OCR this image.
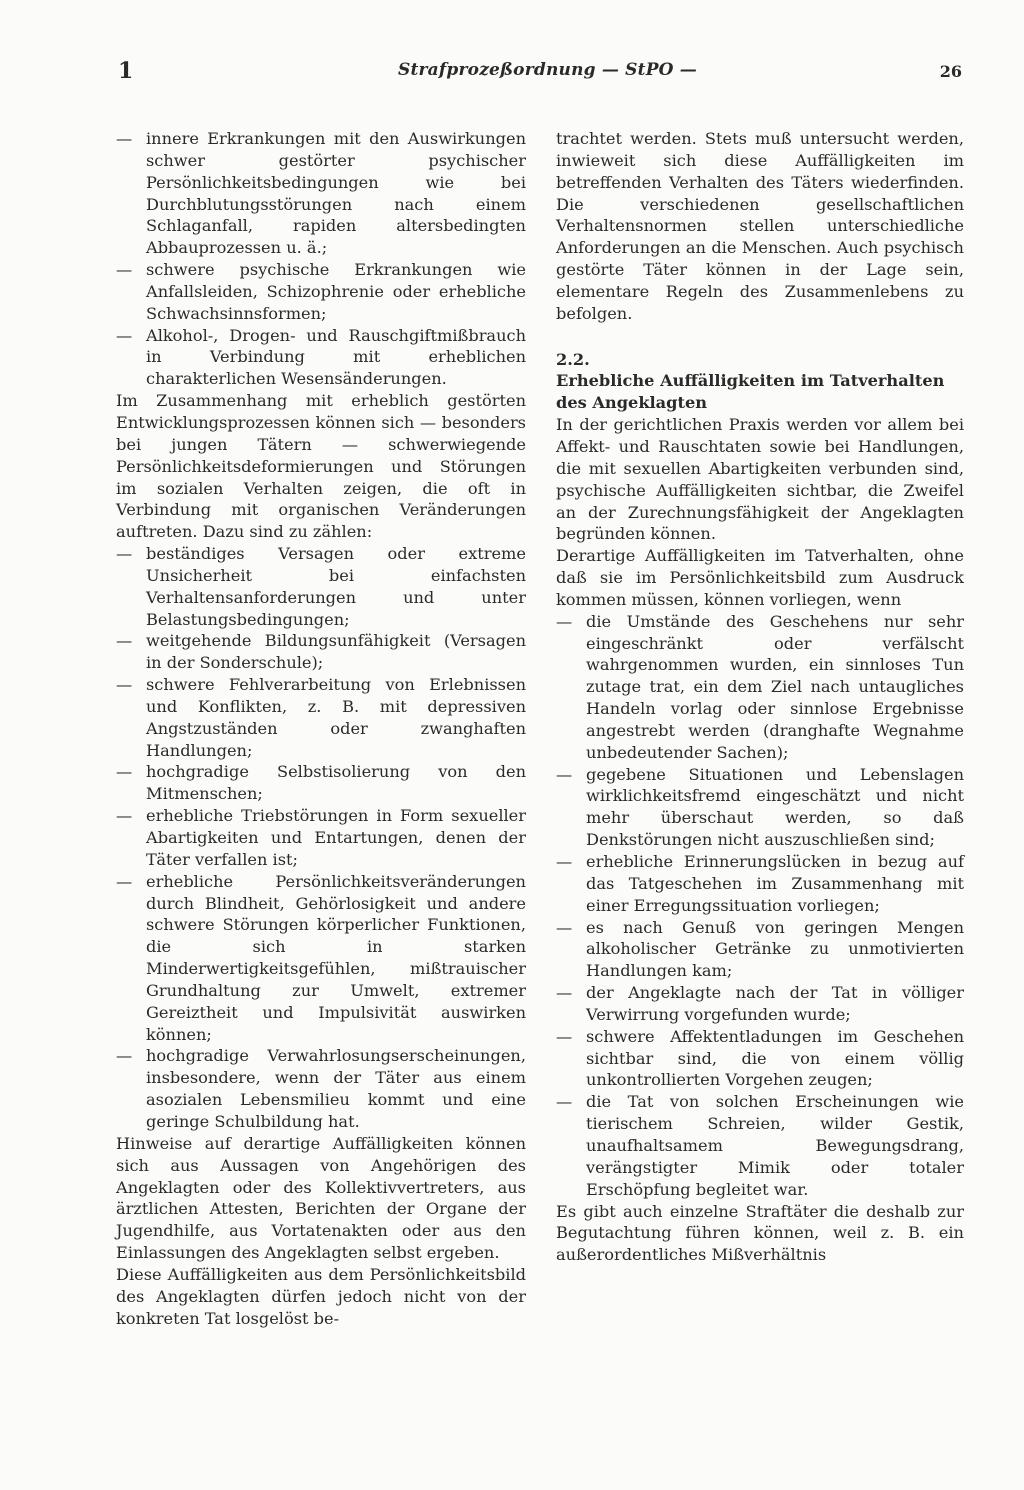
1	Strafprozeßordnung — StPO —	26
— innere Erkrankungen mit den Auswirkungen schwer gestörter psychischer Persönlichkeitsbedingungen wie bei Durchblutungsstörungen nach einem Schlaganfall, rapiden altersbedingten Abbauprozessen u. ä.;

— schwere psychische Erkrankungen wie Anfallsleiden, Schizophrenie oder erhebliche Schwachsinnsformen;

— Alkohol-, Drogen- und Rauschgiftmißbrauch in Verbindung mit erheblichen charakterlichen Wesensänderungen.

Im Zusammenhang mit erheblich gestörten Entwicklungsprozessen können sich — besonders bei jungen Tätern — schwerwiegende Persönlichkeitsdeformierungen und Störungen im sozialen Verhalten zeigen, die oft in Verbindung mit organischen Veränderungen auftreten. Dazu sind zu zählen:

— beständiges Versagen oder extreme Unsicherheit bei einfachsten Verhaltensanforderungen und unter Belastungsbedingungen;

— weitgehende Bildungsunfähigkeit (Versagen in der Sonderschule);

— schwere Fehlverarbeitung von Erlebnissen und Konflikten, z. B. mit depressiven Angstzuständen oder zwanghaften Handlungen;

— hochgradige Selbstisolierung von den Mitmenschen;

— erhebliche Triebstörungen in Form sexueller Abartigkeiten und Entartungen, denen der Täter verfallen ist;

— erhebliche Persönlichkeitsveränderungen durch Blindheit, Gehörlosigkeit und andere schwere Störungen körperlicher Funktionen, die sich in starken Minderwertigkeitsgefühlen, mißtrauischer Grundhaltung zur Umwelt, extremer Gereiztheit und Impulsivität auswirken können;

— hochgradige Verwahrlosungserscheinungen, insbesondere, wenn der Täter aus einem asozialen Lebensmilieu kommt und eine geringe Schulbildung hat.

Hinweise auf derartige Auffälligkeiten können sich aus Aussagen von Angehörigen des Angeklagten oder des Kollektivvertreters, aus ärztlichen Attesten, Berichten der Organe der Jugendhilfe, aus Vortatenakten oder aus den Einlassungen des Angeklagten selbst ergeben.

Diese Auffälligkeiten aus dem Persönlichkeitsbild des Angeklagten dürfen jedoch nicht von der konkreten Tat losgelöst be-

trachtet werden. Stets muß untersucht werden, inwieweit sich diese Auffälligkeiten im betreffenden Verhalten des Täters wiederfinden. Die verschiedenen gesellschaftlichen Verhaltensnormen stellen unterschiedliche Anforderungen an die Menschen. Auch psychisch gestörte Täter können in der Lage sein, elementare Regeln des Zusammenlebens zu befolgen.

2.2.

Erhebliche Auffälligkeiten im Tatverhalten des Angeklagten

In der gerichtlichen Praxis werden vor allem bei Affekt- und Rauschtaten sowie bei Handlungen, die mit sexuellen Abartigkeiten verbunden sind, psychische Auffälligkeiten sichtbar, die Zweifel an der Zurechnungsfähigkeit der Angeklagten begründen können.

Derartige Auffälligkeiten im Tatverhalten, ohne daß sie im Persönlichkeitsbild zum Ausdruck kommen müssen, können vorliegen, wenn

— die Umstände des Geschehens nur sehr eingeschränkt oder verfälscht wahrgenommen wurden, ein sinnloses Tun zutage trat, ein dem Ziel nach untaugliches Handeln vorlag oder sinnlose Ergebnisse angestrebt werden (dranghafte Wegnahme unbedeutender Sachen);

— gegebene Situationen und Lebenslagen wirklichkeitsfremd eingeschätzt und nicht mehr überschaut werden, so daß Denkstörungen nicht auszuschließen sind;

— erhebliche Erinnerungslücken in bezug auf das Tatgeschehen im Zusammenhang mit einer Erregungssituation vorliegen;

— es nach Genuß von geringen Mengen alkoholischer Getränke zu unmotivierten Handlungen kam;

— der Angeklagte nach der Tat in völliger Verwirrung vorgefunden wurde;

— schwere Affektentladungen im Geschehen sichtbar sind, die von einem völlig unkontrollierten Vorgehen zeugen;

— die Tat von solchen Erscheinungen wie tierischem Schreien, wilder Gestik, unaufhaltsamem Bewegungsdrang, verängstigter Mimik oder totaler Erschöpfung begleitet war.

Es gibt auch einzelne Straftäter die deshalb zur Begutachtung führen können, weil z. B. ein außerordentliches Mißverhältnis
